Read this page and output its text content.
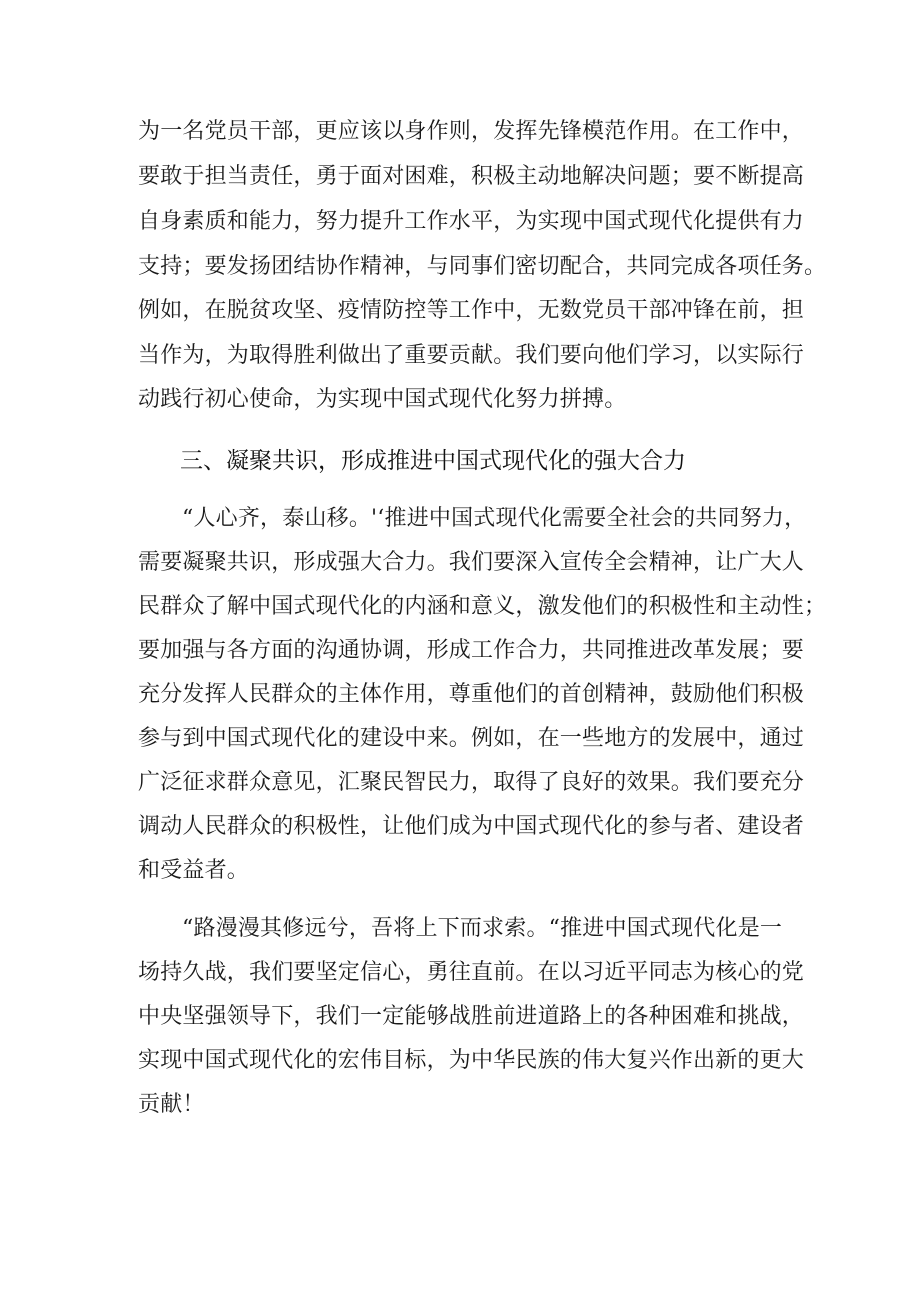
为一名党员干部，更应该以身作则，发挥先锋模范作用。在工作中，
要敢于担当责任，勇于面对困难，积极主动地解决问题；要不断提高
自身素质和能力，努力提升工作水平，为实现中国式现代化提供有力
支持；要发扬团结协作精神，与同事们密切配合，共同完成各项任务。
例如，在脱贫攻坚、疫情防控等工作中，无数党员干部冲锋在前，担
当作为，为取得胜利做出了重要贡献。我们要向他们学习，以实际行
动践行初心使命，为实现中国式现代化努力拼搏。
三、凝聚共识，形成推进中国式现代化的强大合力
“人心齐，泰山移。'‘推进中国式现代化需要全社会的共同努力，
需要凝聚共识，形成强大合力。我们要深入宣传全会精神，让广大人
民群众了解中国式现代化的内涵和意义，激发他们的积极性和主动性；
要加强与各方面的沟通协调，形成工作合力，共同推进改革发展；要
充分发挥人民群众的主体作用，尊重他们的首创精神，鼓励他们积极
参与到中国式现代化的建设中来。例如，在一些地方的发展中，通过
广泛征求群众意见，汇聚民智民力，取得了良好的效果。我们要充分
调动人民群众的积极性，让他们成为中国式现代化的参与者、建设者
和受益者。
“路漫漫其修远兮，吾将上下而求索。“推进中国式现代化是一
场持久战，我们要坚定信心，勇往直前。在以习近平同志为核心的党
中央坚强领导下，我们一定能够战胜前进道路上的各种困难和挑战，
实现中国式现代化的宏伟目标，为中华民族的伟大复兴作出新的更大
贡献！
